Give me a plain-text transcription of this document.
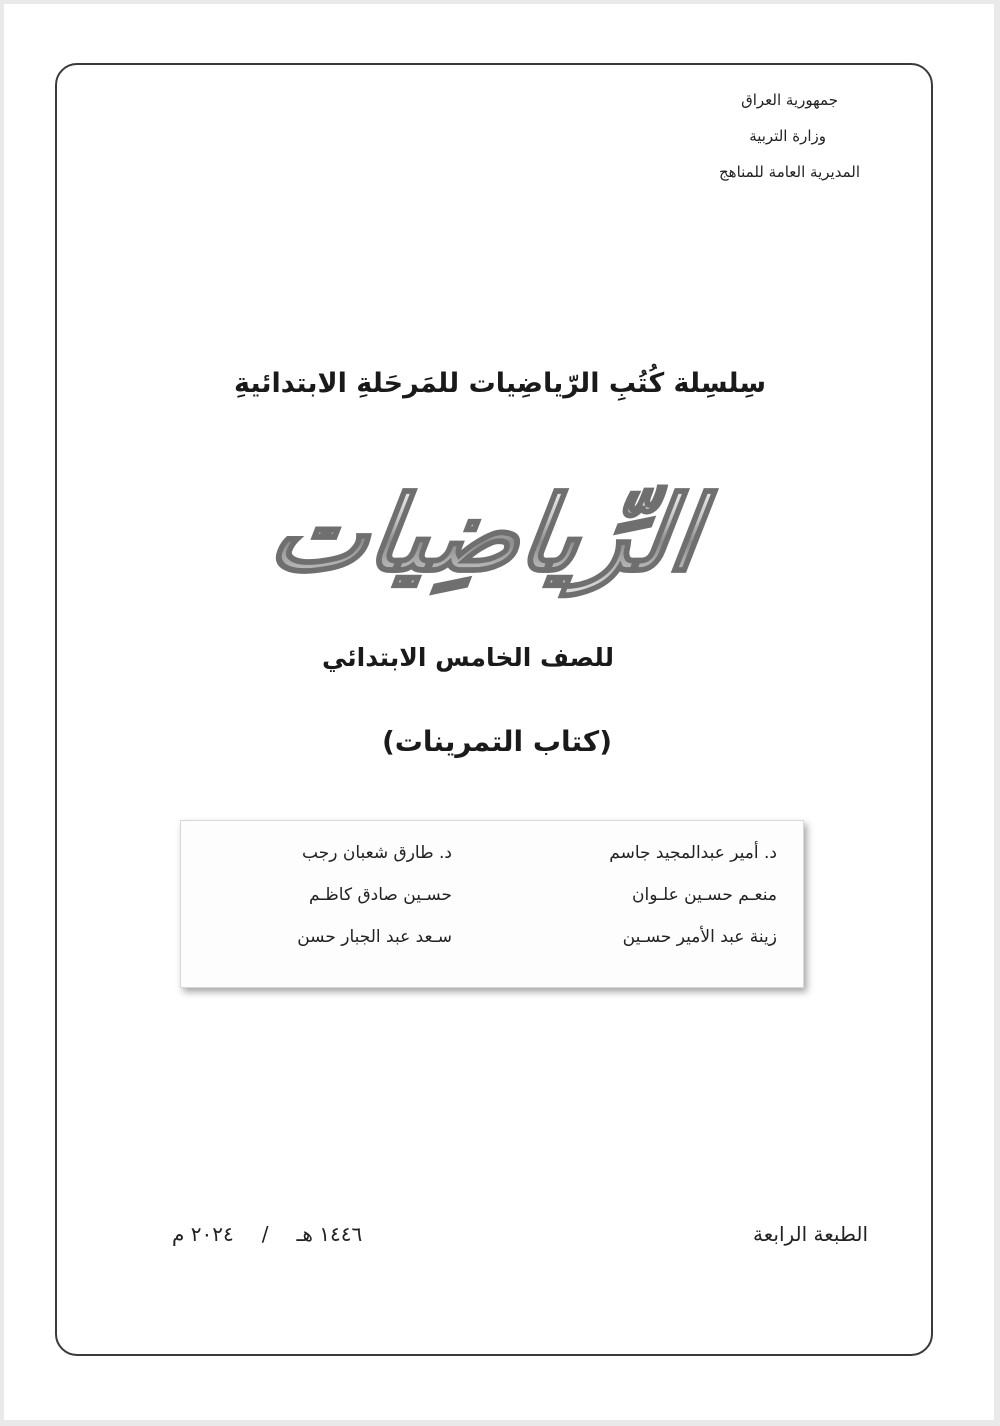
جمهورية العراق
وزارة التربية
المديرية العامة للمناهج
سِلسِلة كُتُبِ الرّياضِيات للمَرحَلةِ الابتدائيةِ
الرِّياضِيات
للصف الخامس الابتدائي
(كتاب التمرينات)
د. أمير عبدالمجيد جاسم
د. طارق شعبان رجب
منعـم حسـين علـوان
حسـين صادق كاظـم
زينة عبد الأمير حسـين
سـعد عبد الجبار حسن
الطبعة الرابعة
١٤٤٦ هـ
/
٢٠٢٤ م
